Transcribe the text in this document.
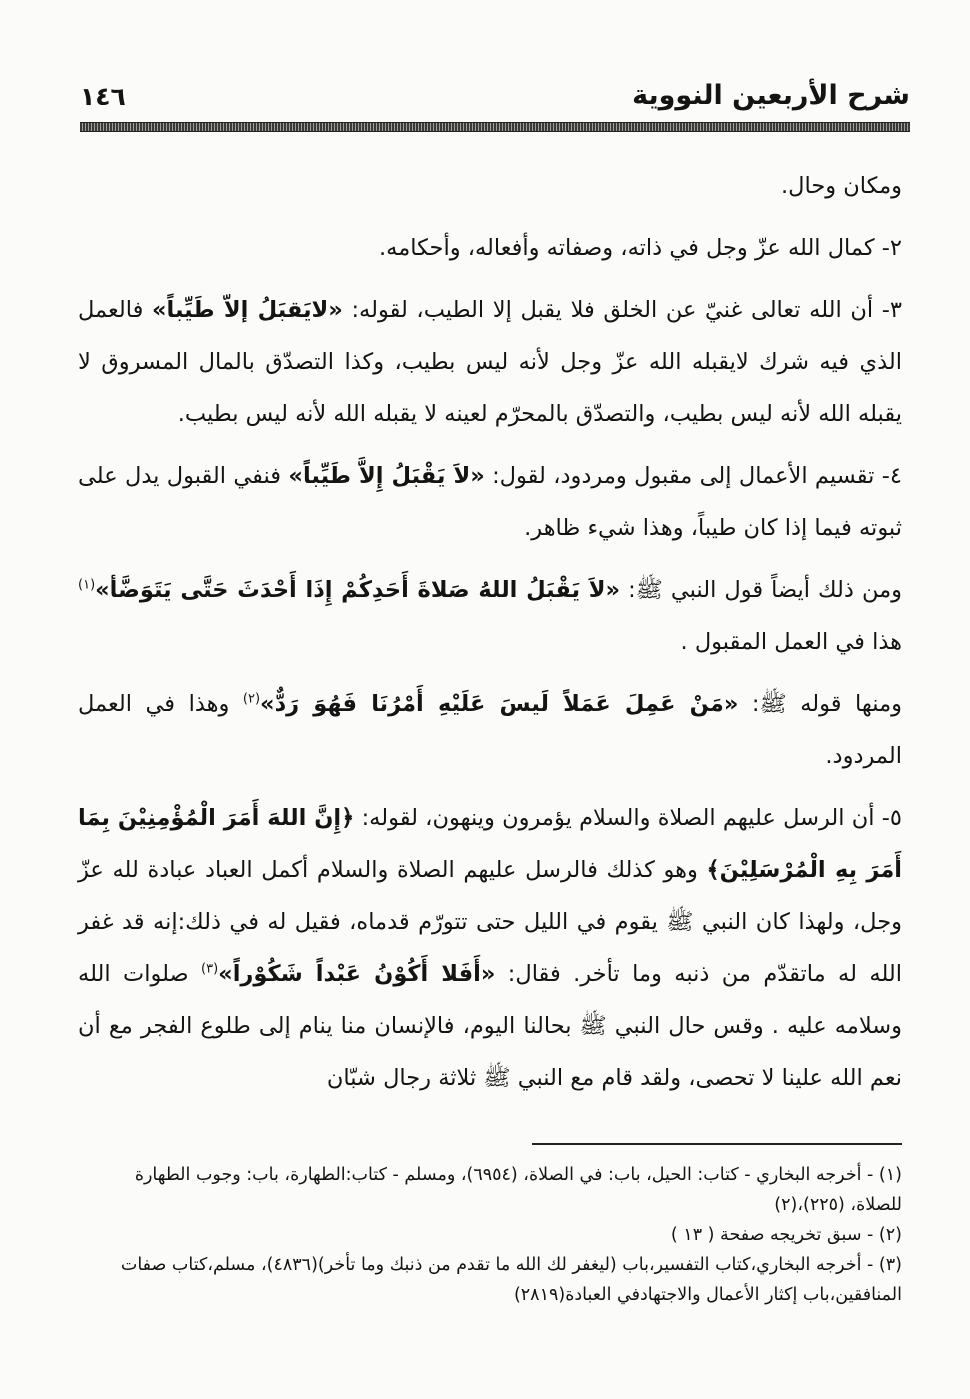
شرح الأربعين النووية
١٤٦

ومكان وحال.

٢- كمال الله عزّ وجل في ذاته، وصفاته وأفعاله، وأحكامه.

٣- أن الله تعالى غنيّ عن الخلق فلا يقبل إلا الطيب، لقوله: «لايَقبَلُ إلاّ طَيِّباً» فالعمل الذي فيه شرك لايقبله الله عزّ وجل لأنه ليس بطيب، وكذا التصدّق بالمال المسروق لا يقبله الله لأنه ليس بطيب، والتصدّق بالمحرّم لعينه لا يقبله الله لأنه ليس بطيب.

٤- تقسيم الأعمال إلى مقبول ومردود، لقول: «لاَ يَقْبَلُ إِلاَّ طَيِّباً» فنفي القبول يدل على ثبوته فيما إذا كان طيباً، وهذا شيء ظاهر.

ومن ذلك أيضاً قول النبي ﷺ: «لاَ يَقْبَلُ اللهُ صَلاةَ أَحَدِكُمْ إِذَا أَحْدَثَ حَتَّى يَتَوَضَّأ»$^{(١)}$ هذا في العمل المقبول .

ومنها قوله ﷺ: «مَنْ عَمِلَ عَمَلاً لَيسَ عَلَيْهِ أَمْرُنَا فَهُوَ رَدٌّ»$^{(٢)}$ وهذا في العمل المردود.

٥- أن الرسل عليهم الصلاة والسلام يؤمرون وينهون، لقوله: ﴿إِنَّ اللهَ أَمَرَ الْمُؤْمِنِيْنَ بِمَا أَمَرَ بِهِ الْمُرْسَلِيْنَ﴾ وهو كذلك فالرسل عليهم الصلاة والسلام أكمل العباد عبادة لله عزّ وجل، ولهذا كان النبي ﷺ يقوم في الليل حتى تتورّم قدماه، فقيل له في ذلك:إنه قد غفر الله له ماتقدّم من ذنبه وما تأخر. فقال: «أَفَلا أَكُوْنُ عَبْداً شَكُوْراً»$^{(٣)}$ صلوات الله وسلامه عليه . وقس حال النبي ﷺ بحالنا اليوم، فالإنسان منا ينام إلى طلوع الفجر مع أن نعم الله علينا لا تحصى، ولقد قام مع النبي ﷺ ثلاثة رجال شبّان

(١) - أخرجه البخاري - كتاب: الحيل، باب: في الصلاة، (٦٩٥٤)، ومسلم - كتاب:الطهارة، باب: وجوب الطهارة للصلاة، (٢٢٥)،(٢)

(٢) - سبق تخريجه صفحة ( ١٣ )

(٣) - أخرجه البخاري،كتاب التفسير،باب (ليغفر لك الله ما تقدم من ذنبك وما تأخر)(٤٨٣٦)، مسلم،كتاب صفات المنافقين،باب إكثار الأعمال والاجتهادفي العبادة(٢٨١٩)
